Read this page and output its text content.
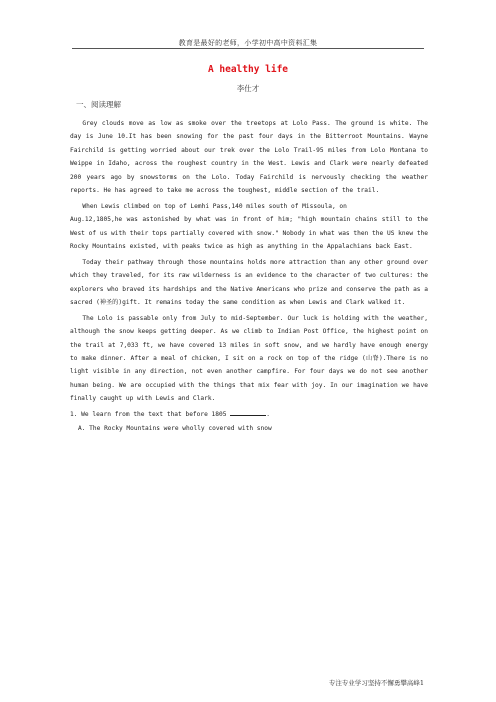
教育是最好的老师，小学初中高中资料汇集
A healthy life
李仕才
一、阅读理解

Grey clouds move as low as smoke over the treetops at Lolo Pass. The ground is white. The day is June 10.It has been snowing for the past four days in the Bitterroot Mountains. Wayne Fairchild is getting worried about our trek over the Lolo Trail-95 miles from Lolo Montana to Weippe in Idaho, across the roughest country in the West. Lewis and Clark were nearly defeated 200 years ago by snowstorms on the Lolo. Today Fairchild is nervously checking the weather reports. He has agreed to take me across the toughest, middle section of the trail.

When Lewis climbed on top of Lemhi Pass,140 miles south of Missoula, on

Aug.12,1805,he was astonished by what was in front of him; "high mountain chains still to the West of us with their tops partially covered with snow." Nobody in what was then the US knew the Rocky Mountains existed, with peaks twice as high as anything in the Appalachians back East.

Today their pathway through those mountains holds more attraction than any other ground over which they traveled, for its raw wilderness is an evidence to the character of two cultures: the explorers who braved its hardships and the Native Americans who prize and conserve the path as a sacred (神圣的)gift. It remains today the same condition as when Lewis and Clark walked it.

The Lolo is passable only from July to mid-September. Our luck is holding with the weather, although the snow keeps getting deeper. As we climb to Indian Post Office, the highest point on the trail at 7,033 ft, we have covered 13 miles in soft snow, and we hardly have enough energy to make dinner. After a meal of chicken, I sit on a rock on top of the ridge (山脊).There is no light visible in any direction, not even another campfire. For four days we do not see another human being. We are occupied with the things that mix fear with joy. In our imagination we have finally caught up with Lewis and Clark.

1. We learn from the text that before 1805	.
A. The Rocky Mountains were wholly covered with snow
专注专业学习坚持不懈勇攀高峰1
